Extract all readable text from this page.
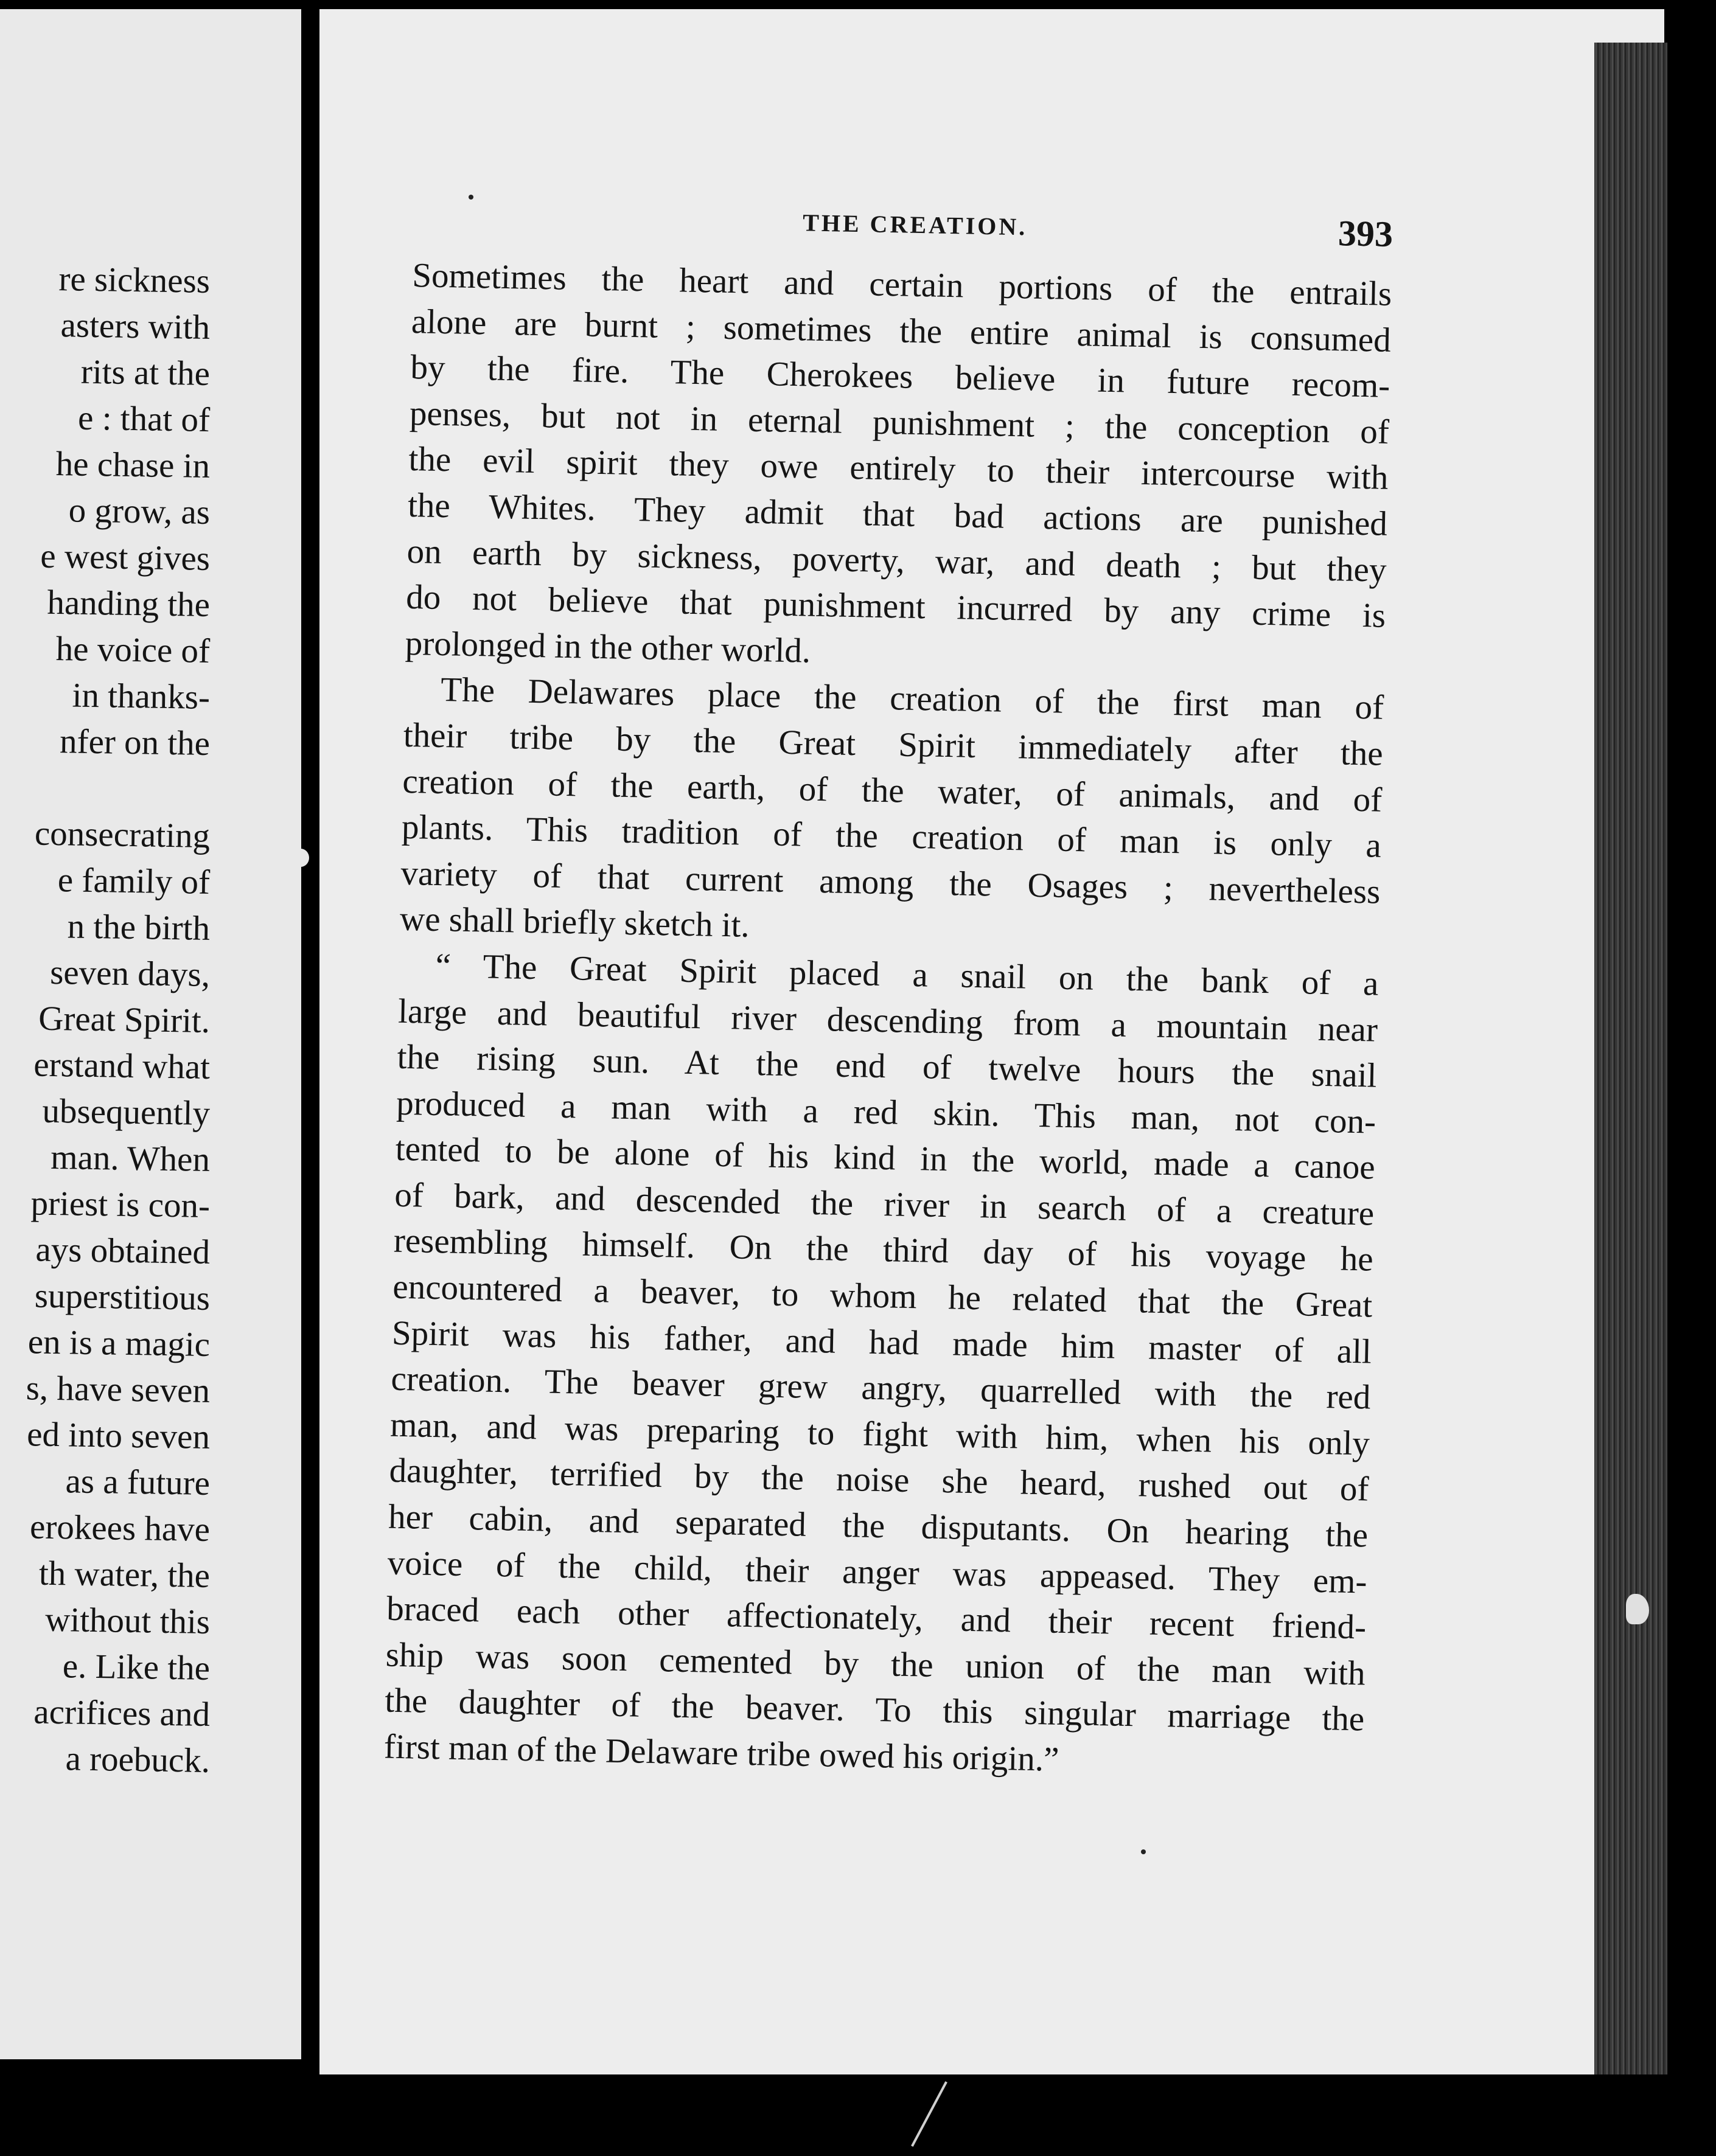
re sickness
asters with
rits at the
e : that of
he chase in
o grow, as
e west gives
handing the
he voice of
in thanks-
nfer on the
consecrating
e family of
n the birth
seven days,
Great Spirit.
erstand what
ubsequently
man. When
priest is con-
ays obtained
superstitious
en is a magic
s, have seven
ed into seven
as a future
erokees have
th water, the
without this
e. Like the
acrifices and
a roebuck.
THE CREATION.	393
Sometimes the heart and certain portions of the entrails
alone are burnt ; sometimes the entire animal is consumed
by the fire. The Cherokees believe in future recom-
penses, but not in eternal punishment ; the conception of
the evil spirit they owe entirely to their intercourse with
the Whites. They admit that bad actions are punished
on earth by sickness, poverty, war, and death ; but they
do not believe that punishment incurred by any crime is
prolonged in the other world.
The Delawares place the creation of the first man of
their tribe by the Great Spirit immediately after the
creation of the earth, of the water, of animals, and of
plants. This tradition of the creation of man is only a
variety of that current among the Osages ; nevertheless
we shall briefly sketch it.
“ The Great Spirit placed a snail on the bank of a
large and beautiful river descending from a mountain near
the rising sun. At the end of twelve hours the snail
produced a man with a red skin. This man, not con-
tented to be alone of his kind in the world, made a canoe
of bark, and descended the river in search of a creature
resembling himself. On the third day of his voyage he
encountered a beaver, to whom he related that the Great
Spirit was his father, and had made him master of all
creation. The beaver grew angry, quarrelled with the red
man, and was preparing to fight with him, when his only
daughter, terrified by the noise she heard, rushed out of
her cabin, and separated the disputants. On hearing the
voice of the child, their anger was appeased. They em-
braced each other affectionately, and their recent friend-
ship was soon cemented by the union of the man with
the daughter of the beaver. To this singular marriage the
first man of the Delaware tribe owed his origin.”
